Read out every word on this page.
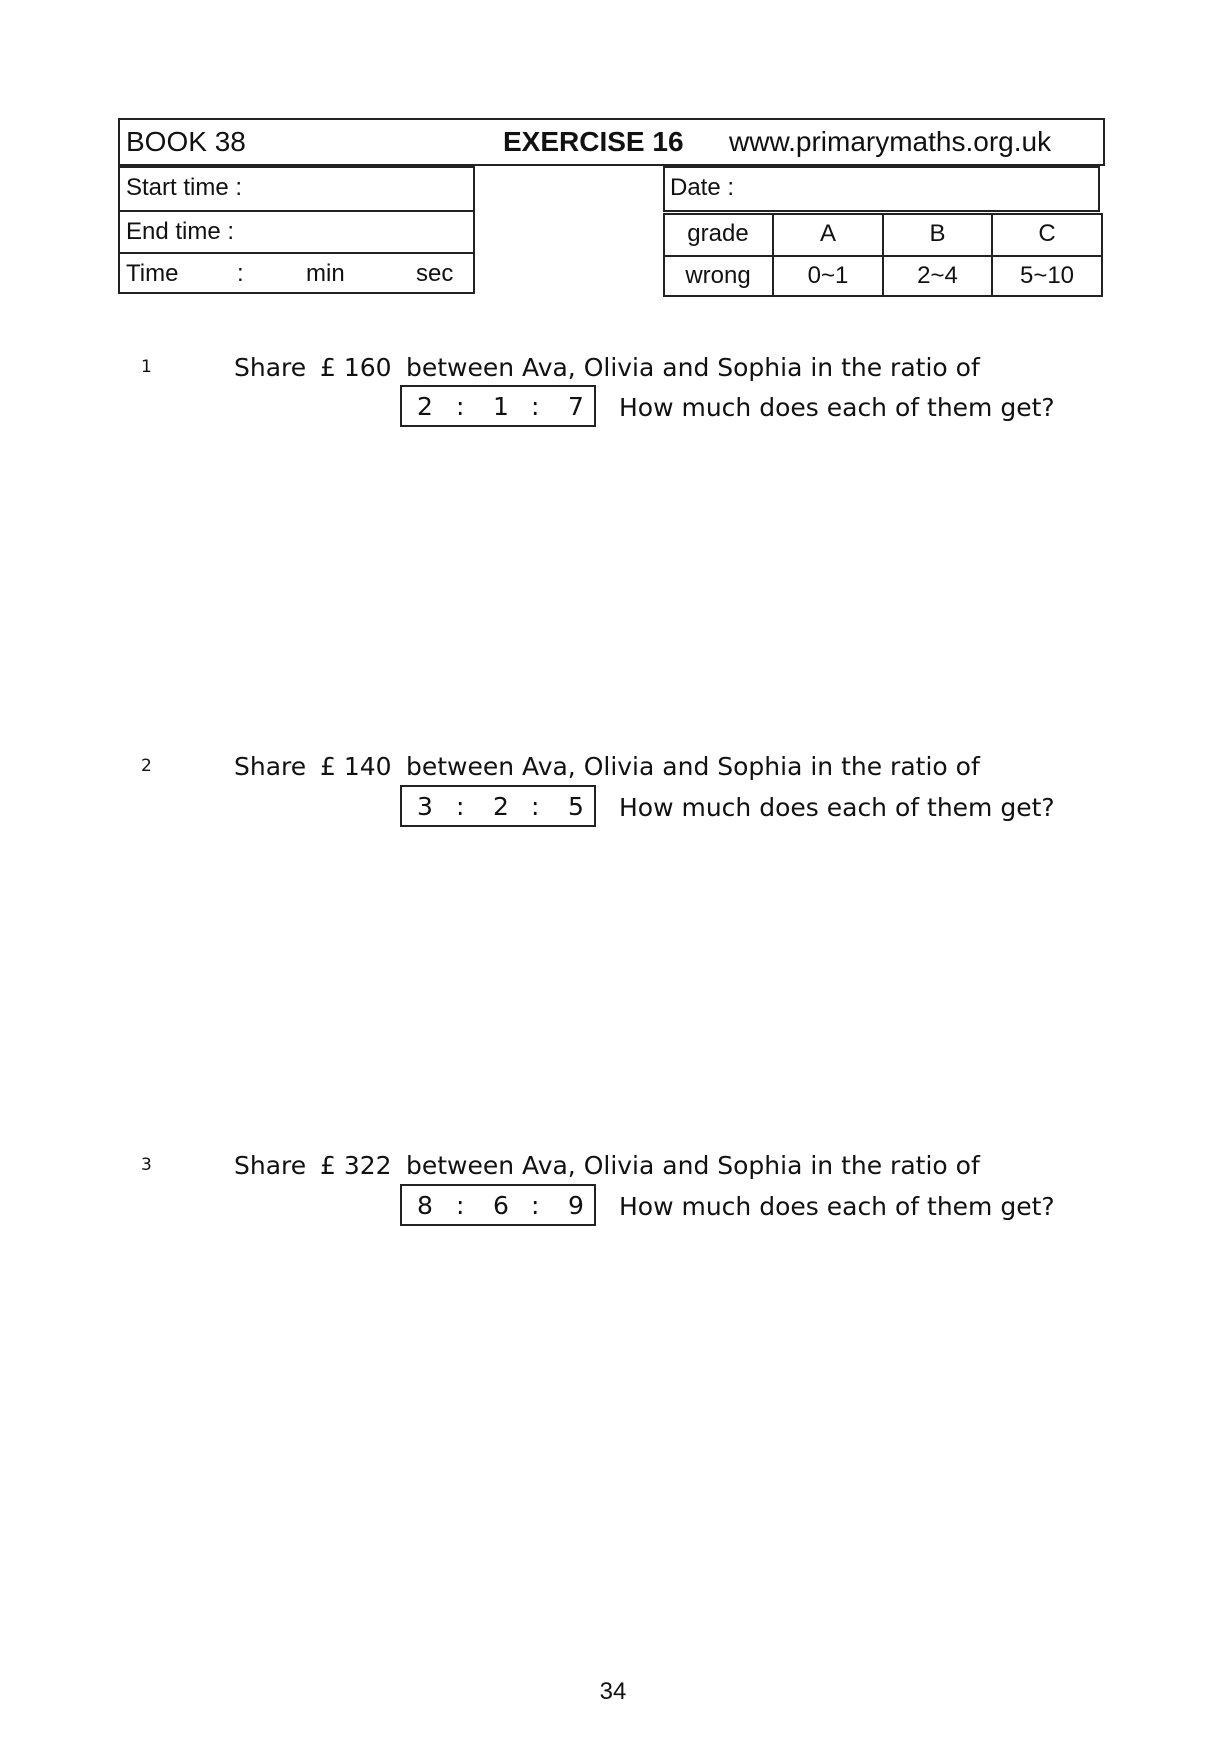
BOOK 38	EXERCISE 16 www.primarymaths.org.uk
Start time :
End time :
Time :	min	sec
Date :
grade	A	B	C
wrong	0~1	2~4	5~10
1	Share £ 160 between Ava, Olivia and Sophia in the ratio of
2 : 1 : 7 How much does each of them get?
2	Share £ 140 between Ava, Olivia and Sophia in the ratio of
3 : 2 : 5 How much does each of them get?
3	Share £ 322 between Ava, Olivia and Sophia in the ratio of
8 : 6 : 9 How much does each of them get?
34
